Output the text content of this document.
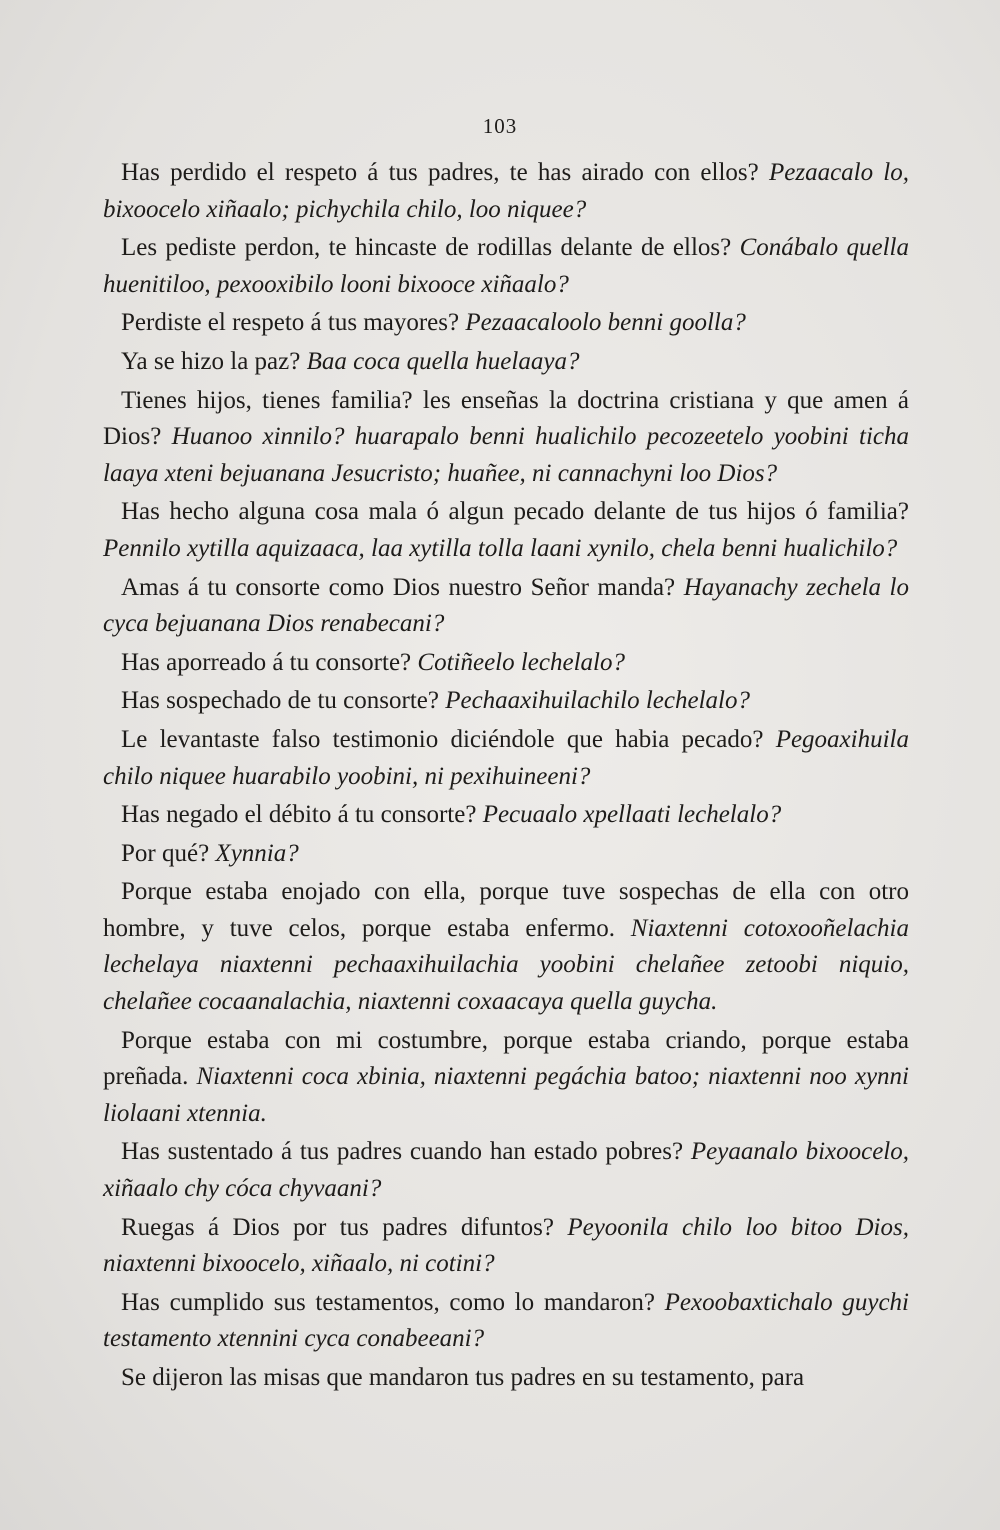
103

Has perdido el respeto á tus padres, te has airado con ellos? Pezaacalo lo, bixoocelo xiñaalo; pichychila chilo, loo niquee?

Les pediste perdon, te hincaste de rodillas delante de ellos? Conábalo quella huenitiloo, pexooxibilo looni bixooce xiñaalo?

Perdiste el respeto á tus mayores? Pezaacaloolo benni goolla?

Ya se hizo la paz? Baa coca quella huelaaya?

Tienes hijos, tienes familia? les enseñas la doctrina cristiana y que amen á Dios? Huanoo xinnilo? huarapalo benni hualichilo pecozeetelo yoobini ticha laaya xteni bejuanana Jesucristo; huañee, ni cannachyni loo Dios?

Has hecho alguna cosa mala ó algun pecado delante de tus hijos ó familia? Pennilo xytilla aquizaaca, laa xytilla tolla laani xynilo, chela benni hualichilo?

Amas á tu consorte como Dios nuestro Señor manda? Hayanachy zechela lo cyca bejuanana Dios renabecani?

Has aporreado á tu consorte? Cotiñeelo lechelalo?

Has sospechado de tu consorte? Pechaaxihuilachilo lechelalo?

Le levantaste falso testimonio diciéndole que habia pecado? Pegoaxihuila chilo niquee huarabilo yoobini, ni pexihuineeni?

Has negado el débito á tu consorte? Pecuaalo xpellaati lechelalo?

Por qué? Xynnia?

Porque estaba enojado con ella, porque tuve sospechas de ella con otro hombre, y tuve celos, porque estaba enfermo. Niaxtenni cotoxooñelachia lechelaya niaxtenni pechaaxihuilachia yoobini chelañee zetoobi niquio, chelañee cocaanalachia, niaxtenni coxaacaya quella guycha.

Porque estaba con mi costumbre, porque estaba criando, porque estaba preñada. Niaxtenni coca xbinia, niaxtenni pegáchia batoo; niaxtenni noo xynni liolaani xtennia.

Has sustentado á tus padres cuando han estado pobres? Peyaanalo bixoocelo, xiñaalo chy cóca chyvaani?

Ruegas á Dios por tus padres difuntos? Peyoonila chilo loo bitoo Dios, niaxtenni bixoocelo, xiñaalo, ni cotini?

Has cumplido sus testamentos, como lo mandaron? Pexoobaxtichalo guychi testamento xtennini cyca conabeeani?

Se dijeron las misas que mandaron tus padres en su testamento, para
